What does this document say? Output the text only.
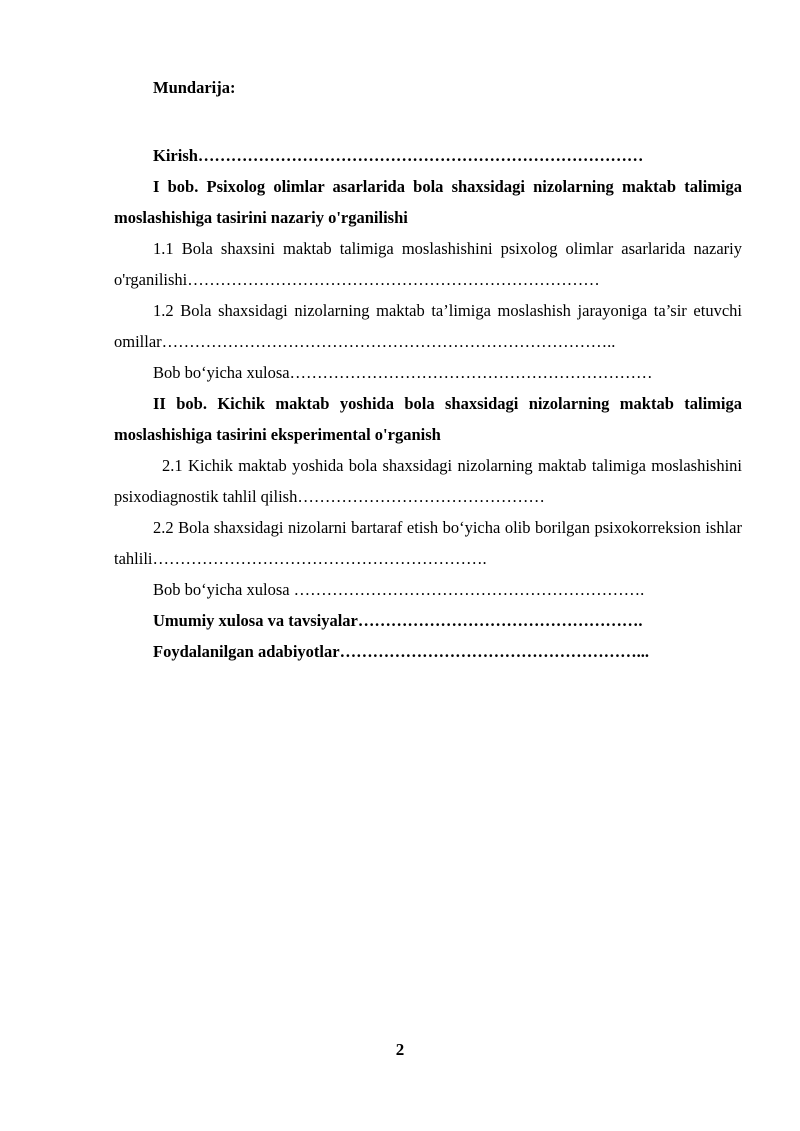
Mundarija:

Kirish………………………………………………………………………

I bob. Psixolog olimlar asarlarida bola shaxsidagi nizolarning maktab talimiga moslashishiga tasirini nazariy o'rganilishi

1.1 Bola shaxsini maktab talimiga moslashishini psixolog olimlar asarlarida nazariy o'rganilishi…………………………………………………………………

1.2 Bola shaxsidagi nizolarning maktab ta’limiga moslashish jarayoniga ta’sir etuvchi omillar………………………………………………………………………..

Bob bo‘yicha xulosa…………………………………………………………

II bob. Kichik maktab yoshida bola shaxsidagi nizolarning maktab talimiga moslashishiga tasirini eksperimental o'rganish

2.1 Kichik maktab yoshida bola shaxsidagi nizolarning maktab talimiga moslashishini psixodiagnostik tahlil qilish………………………………………

2.2 Bola shaxsidagi nizolarni bartaraf etish bo‘yicha olib borilgan psixokorreksion ishlar tahlili…………………………………………………….

Bob bo‘yicha xulosa ……………………………………………………….

Umumiy xulosa va tavsiyalar…………………………………………….

Foydalanilgan adabiyotlar………………………………………………...

2
